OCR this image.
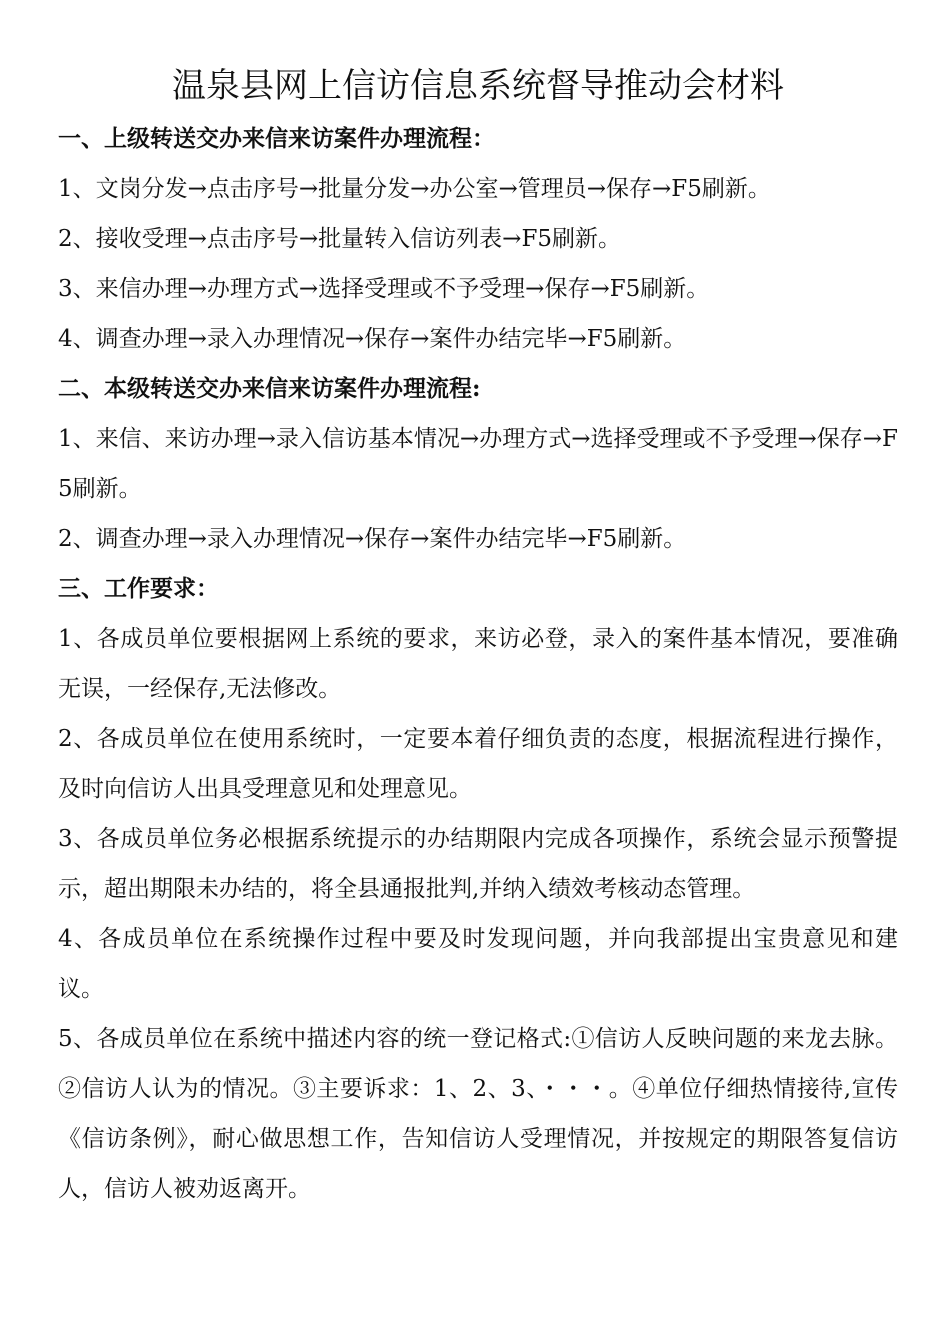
温泉县网上信访信息系统督导推动会材料

一、上级转送交办来信来访案件办理流程：

1、文岗分发→点击序号→批量分发→办公室→管理员→保存→F5刷新。

2、接收受理→点击序号→批量转入信访列表→F5刷新。

3、来信办理→办理方式→选择受理或不予受理→保存→F5刷新。

4、调查办理→录入办理情况→保存→案件办结完毕→F5刷新。

二、本级转送交办来信来访案件办理流程:

1、来信、来访办理→录入信访基本情况→办理方式→选择受理或不予受理→保存→F5刷新。

2、调查办理→录入办理情况→保存→案件办结完毕→F5刷新。

三、工作要求：

1、各成员单位要根据网上系统的要求，来访必登，录入的案件基本情况，要准确无误，一经保存,无法修改。

2、各成员单位在使用系统时，一定要本着仔细负责的态度，根据流程进行操作，及时向信访人出具受理意见和处理意见。

3、各成员单位务必根据系统提示的办结期限内完成各项操作，系统会显示预警提示，超出期限未办结的，将全县通报批判,并纳入绩效考核动态管理。

4、各成员单位在系统操作过程中要及时发现问题，并向我部提出宝贵意见和建议。

5、各成员单位在系统中描述内容的统一登记格式:①信访人反映问题的来龙去脉。②信访人认为的情况。③主要诉求：1、2、3、・・・。④单位仔细热情接待,宣传《信访条例》，耐心做思想工作，告知信访人受理情况，并按规定的期限答复信访人，信访人被劝返离开。
